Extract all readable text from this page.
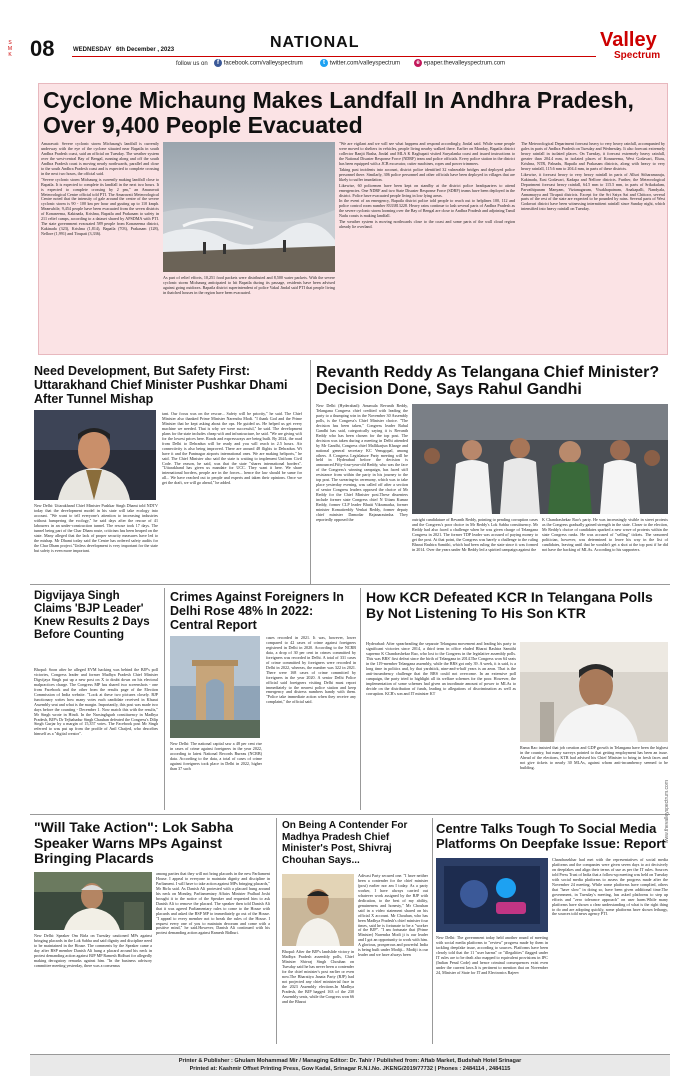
S M K 08	WEDNESDAY 6th December , 2023	NATIONAL
follow us on	f facebook.com/valleyspectrum	t twitter.com/valleyspectrum	e epaper.thevalleyspectrum.com
Valley
Spectrum
Cyclone Michaung Makes Landfall In Andhra Pradesh, Over 9,400 People Evacuated

Amaravati: Severe cyclonic storm Michaung's landfall is currently underway with the eye of the cyclone situated near Bapatla in south Andhra Pradesh coast, said an official on Tuesday. The weather system over the west-central Bay of Bengal, running along and off the south Andhra Pradesh coast is moving nearly northwards, parallel and close to the south Andhra Pradesh coast and is expected to complete crossing in the next two hours, the official said.

"Severe cyclonic storm Michaung is currently making landfall close to Bapatla. It is expected to complete its landfall in the next two hours. It is expected to complete crossing by 2 pm," an Amaravati Meteorological Centre official told PTI. The Amaravati Meteorological Centre noted that the intensity of gale around the centre of the severe cyclonic storm is 90 - 100 km per hour and gusting up to 110 kmph. Meanwhile, 9,454 people have been evacuated from the seven districts of Konaseema, Kakinada, Krishna, Bapatla and Prakasam to safety in 211 relief camps, according to a dataset shared by APSDMA with PTI. The state government evacuated 589 people from Konaseema district, Kakinada (323), Krishna (1,814), Bapatla (703), Prakasam (128), Nellore (1,991) and Tirupati (3,336).

As part of relief efforts, 10,251 food packets were distributed and 8,500 water packets. With the severe cyclonic storm Michaung anticipated to hit Bapatla during its passage, residents have been advised against going outdoors. Bapatla district superintendent of police Vakul Jindal said PTI that people living in thatched houses in the region have been evacuated.

"We are vigilant and we will see what happens and respond accordingly, Jindal said. While some people were moved to shelters in vehicles, people living nearby walked there. Earlier on Monday, Bapatla district collector Ranjit Basha, Jindal and MLA K Raghupati visited Suryalanka coast and issued instructions to the National Disaster Response Force (NDRF) team and police officials. Every police station in the district has been equipped with a JCB excavator, cutter machines, ropes and power trimmers.

Taking past incidents into account, district police identified 32 vulnerable bridges and deployed police personnel there. Similarly, 306 police personnel and other officials have been deployed in villages that are likely to suffer inundation.

Likewise, 60 policemen have been kept on standby at the district police headquarters to attend emergencies. One NDRF and two State Disaster Response Force (SDRF) teams have been deployed in the district. Police have evacuated people living in low lying areas.

In the event of an emergency, Bapatla district police told people to reach out to helplines 100, 112 and police control room number 8333813228. Heavy rains continue to lash several parts of Andhra Pradesh as the severe cyclonic storm looming over the Bay of Bengal are close to Andhra Pradesh and adjoining Tamil Nadu coasts is making landfall.

The weather system is moving northwards close to the coast and some parts of the wall cloud region already lie overland.

The Meteorological Department forecast heavy to very heavy rainfall, accompanied by gales in parts of Andhra Pradesh on Tuesday and Wednesday. It also forecast extremely heavy rainfall in isolated places. On Tuesday, it forecast extremely heavy rainfall, greater than 204.4 mm, in isolated places of Konaseema, West Godavari, Eluru, Krishna, NTR, Palnadu, Bapatla and Prakasam districts, along with heavy to very heavy rainfall, 115.6 mm to 204.4 mm, in parts of these districts.

Likewise, it forecast heavy to very heavy rainfall in parts of Alluri Sitharamaraju, Kakinada, East Godavari, Kadapa and Nellore districts. Further, the Meteorological Department forecast heavy rainfall, 64.5 mm to 115.5 mm, in parts of Srikakulam, Parvathipuram Manyam, Vizianagaram, Visakhapatnam, Anakapalli, Nandyala, Annamayya and Tirupati districts. Except for the Sri Satya Sai and Chittoor, several parts of the rest of the state are expected to be pounded by rains. Several parts of West Godavari district have been witnessing intermittent rainfall since Sunday night, which intensified into heavy rainfall on Tuesday.

Need Development, But Safety First: Uttarakhand Chief Minister Pushkar Dhami After Tunnel Mishap
New Delhi: Uttarakhand Chief Minister Pushkar Singh Dhami told NDTV today that the development model in his state will take ecology into account. "We want to tell everyone's attention to increasing industries without hampering the ecology," he said days after the rescue of 41 labourers in an under-construction tunnel. The rescue took 17 days. The tunnel being part of the Char Dham route, criticism has been heaped on the state. Many alleged that the lack of proper security measures have led to the mishap. Mr Dhami today said the Centre has ordered safety audits for the Char Dham project."Unless development is very important for the state but safety is even more important.
tant. Our focus was on the rescue... Safety will be priority," he said. The Chief Minister also thanked Prime Minister Narendra Modi. "I thank God and the Prime Minister that he kept asking about the ops. He guided us. He helped us get every machine we needed. That is why we were successful," he said. The development plans for the state includes cheap wifi and infrastructure, he said. "We are giving wifi for the lowest prices here. Roads and expressways are being built. By 2024, the road from Delhi to Dehradun will be ready and you will reach in 2.5 hours. Air connectivity is also being improved. There are around 48 flights to Dehradun. Wi have it and the Pantnagar airports international ones. We are making heliports," he said. The Chief Minister also said the state is waiting to implement Uniform Civil Code. The reason, he said, was that the state "shares international borders". "Uttarakhand has given us mandate for UCC. They want it here. We share international borders, people are in the forces... hence the law should be same for all... We have reached out to people and experts and taken their opinions. Once we get the draft, we will go ahead," he added.
Revanth Reddy As Telangana Chief Minister? Decision Done, Says Rahul Gandhi
New Delhi (Hyderabad): Anumula Revanth Reddy, Telangana Congress chief credited with leading the party to a thumping win in the November 30 Assembly polls, is the Congress's Chief Minister choice. "The decision has been taken," Congress leader Rahul Gandhi has said, categorically saying it is Revanth Reddy who has been chosen for the top post. The decision was taken during a meeting in Delhi attended by Mr Gandhi, Congress chief Mallikarjun Kharge and national general secretary KC Venugopal, among others. A Congress Legislature Party meeting will be held in Hyderabad before the decision is announced.Fifty-four-year-old Reddy, who was the face of the Congress's winning campaign, has faced stiff resistance from within the party in his journey to the top post. The swearing-in ceremony, which was to take place yesterday evening, was called off after a section of senior Congress leaders opposed the choice of Mr Reddy for the Chief Minister post.These dissenters include former state Congress chief N Uttam Kumar Reddy, former CLP leader Bhatti Vikramarka, former minister Komatireddy Venkat Reddy, former deputy chief minister Damodar Rajanarasimha. They reportedly opposed the	outright candidature of Revanth Reddy, pointing to pending corruption cases and the Congress's poor choice in Mr Reddy's Lok Sabha constituency. Mr Reddy had also faced a challenge when he was given charge of Telangana Congress in 2021. The former TDP leader was accused of paying money to get the post. At that point, the Congress was barely a challenge to the ruling Bharat Rashtra Samithi, which had been ruling the state since it was formed in 2014. Over the years under Mr Reddy led a spirited campaign against the
K Chandrashekar Rao's party. He was increasingly visible in street protests as the Congress gradually gained strength in the state. Closer to the election, Mr Reddy's choice of candidates sparked a new wave of protests within the state Congress ranks. He was accused of "selling" tickets. The seasoned politician, however, was determined to leave his way in the list of candidates, leaving until that he wouldn't get a shot at the top post if he did not have the backing of MLAs. According to his supporters.
Digvijaya Singh Claims 'BJP Leader' Knew Results 2 Days Before Counting
Bhopal: Soon after he alleged EVM hacking was behind the BJP's poll victories, Congress leader and former Madhya Pradesh Chief Minister Digvijaya Singh put up a new post on X to doubt down on his electoral malpractices charge. The Congress MP has shared two screenshots - one from Facebook and the other from the results page of the Election Commission of India website. "Look at these two pictures closely. BJP functionary writes how many votes each candidate received in Khurai Assembly seat and what is the margin. Importantly, this post was made two days before the counting - December 1. Now match this with the results," Mr Singh wrote in Hindi. In the Narsinghgarh constituency in Madhya Pradesh, BJP's Dr Tejbahadur Singh Chauhan defeated the Congress's Dilip Singh Gurjar by a margin of 15,357 votes. The Facebook post Mr Singh referred to was put up from the profile of Anil Chaijed, who describes himself as a "digital creator".
Crimes Against Foreigners In Delhi Rose 48% In 2022: Central Report
New Delhi: The national capital saw a 48 per cent rise in cases of crime against foreigners in the year 2022, according to latest National Records Bureau (NCRB) data. According to the data, a total of cases of crime against foreigners took place in Delhi in 2022, higher than 37 such
cases recorded in 2021. It was, however, lower compared to 42 cases of crime against foreigners registered in Delhi in 2020. According to the NCRB data, a drop of 30 per cent in crimes committed by foreigners was recorded in Delhi. A total of 331 cases of crime committed by foreigners were recorded in Delhi in 2022, whereas, the number was 322 in 2021. There were 168 cases of crime committed by foreigners in the year 2020. A senior Delhi Police official said foreigners visiting Delhi must report immediately to the nearest police station and keep emergency and distress numbers handy with them. "Police take immediate action when they receive any complaint," the official said.
How KCR Defeated KCR In Telangana Polls By Not Listening To His Son KTR
Hyderabad: After spearheading the separate Telangana movement and leading his party to significant victories since 2014, a third term in office eluded Bharat Rashtra Samithi supremo K Chandrashekar Rao, who lost to the Congress in the legislative assembly polls. This was BRS' first defeat since the birth of Telangana in 2014.The Congress won 64 seats in the 119-member Telangana assembly, while the BRS got only 39. A week, it is said, is a long time in politics and, by that yardstick, nine-and-a-half years is an aeon. That is the anti-incumbency challenge that the BRS could not overcome. In an extensive poll campaign, the party tried to highlight all its welfare schemes for the poor. However, the implementation of some schemes had given an inordinate amount of power to MLAs to decide on the distribution of funds, leading to allegations of discrimination as well as corruption. KCR's son and IT minister KT
Rama Rao insisted that job creation and GDP growth in Telangana have been the highest in the country, but many surveys pointed to that getting employment has been an issue. Ahead of the elections, KTR had advised his Chief Minister to bring in fresh faces and not give tickets to nearly 30 MLAs, against whom anti-incumbency seemed to be building.
"Will Take Action": Lok Sabha Speaker Warns MPs Against Bringing Placards
New Delhi: Speaker Om Birla on Tuesday cautioned MPs against bringing placards in the Lok Sabha and said dignity and discipline need to be maintained in the House. The comments by the Speaker came a day after BSP member Danish Ali hung a placard around his neck in protest demanding action against BJP MP Ramesh Bidhuri for allegedly making derogatory remarks against him. "In the business advisory committee meeting yesterday, there was a consensus
among parties that they will not bring placards in the new Parliament House. I appeal to everyone to maintain dignity and discipline in Parliament. I will have to take action against MPs bringing placards," Mr Birla said. As Danish Ali protested with a placard hung around his neck on Monday, Parliamentary Affairs Minister Pralhad Joshi brought it to the notice of the Speaker and requested him to ask Danish Ali to remove the placard. The speaker then told Danish Ali that it was agreed Parliamentary rules to come to the House with placards and asked the BSP MP to immediately go out of the House. "I appeal to every member not to break the rules of the House. I request every one of you to maintain decorum and come with a positive mind," he said.However, Danish Ali continued with his protest demanding action against Ramesh Bidhuri.
On Being A Contender For Madhya Pradesh Chief Minister's Post, Shivraj Chouhan Says...
Bhopal: After the BJP's landslide victory in Madhya Pradesh assembly polls, Chief Minister Shivraj Singh Chouhan on Tuesday said he has never been a contender for the chief minister's post earlier or even now.The Bharatiya Janata Party (BJP) had not projected any chief ministerial face in the 2023 Assembly elections.In Madhya Pradesh, the BJP bagged 163 of the 230 Assembly seats, while the Congress won 66 and the Bharat
Adivasi Party secured one. "I have neither been a contender for the chief minister (post) earlier nor am I today. As a party worker, I have always carried out whatever work assigned by the BJP with dedication, to the best of my ability, genuineness and honesty," Mr Chouhan said in a video statement shared on his official X account. Mr Chouhan, who has been Madhya Pradesh's chief minister four times, said he is fortunate to be a "worker of the BJP". "I am fortunate that (Prime Minister) Narendra Modi ji is our leader and I got an opportunity to work with him. A glorious, prosperous and powerful India is being built under Modiji... Modiji is our leader and we have always been
Centre Talks Tough To Social Media Platforms On Deepfake Issue: Report
New Delhi: The government today held another round of meeting with social media platforms to "review" progress made by them in tackling deepfake issue, according to sources. Platforms have been clearly told that the 11 "user harms" or "illegalities" flagged under IT rules are to be dealt also mapped to equivalent provisions in IPC (Indian Penal Code) and hence criminal consequences exist even under the current laws.It is pertinent to mention that on November 24, Minister of State for IT and Electronics Rajeev
Chandrasekhar had met with the representatives of social media platforms and the companies were given seven days to act decisively on deepfakes and align their terms of use as per the IT rules. Sources told Press Trust of India that a follow-up meeting was held on Tuesday with social media platforms to assess the progress made after the November 24 meeting. While some platforms have complied, others that "have slow" in doing so, have been given additional time.The government, in Tuesday's meeting, has asked platforms to step up efforts and "zero tolerance approach" on user harm.While many platforms have shown a clear understanding of what is the right thing to do and are adopting quickly, some platforms have shown lethargy, the sources told news agency PTI.
Printer & Publisher : Ghulam Mohammad Mir / Managing Editor: Dr. Tahir / Published from: Aftab Market, Budshah Hotel Srinagar
Printed at: Kashmir Offset Printing Press, Gow Kadal, Srinagar R.N.I.No. JKENG/2019/77732 | Phones : 2484114 , 2484115
www.thevalleyspectrum.com
